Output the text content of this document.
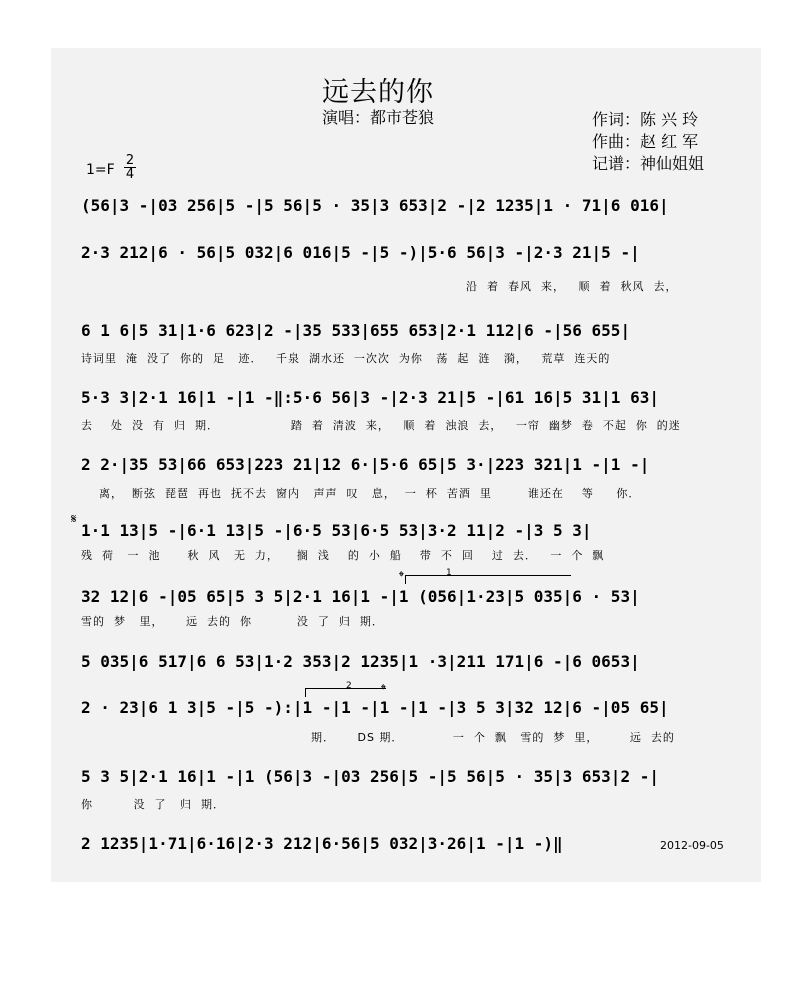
远去的你
演唱：都市苍狼	作词：陈 兴 玲
作曲：赵 红 军
记谱：神仙姐姐
1=F
2
4
(56|3 -|03 256|5 -|5 56|5 · 35|3 653|2 -|2 1235|1 · 71|6 016|
2·3 212|6 · 56|5 032|6 016|5 -|5 -)|5·6 56|3 -|2·3 21|5 -|
沿  着  春风  来，   顺  着  秋风  去，
6 1 6|5 31|1·6 623|2 -|35 533|655 653|2·1 112|6 -|56 655|
诗词里  淹  没了  你的  足   迹．   千泉  湖水还  一次次  为你   荡  起  涟   漪，   荒草  连天的
5·3 3|2·1 16|1 -|1 -‖:5·6 56|3 -|2·3 21|5 -|61 16|5 31|1 63|
去    处  没  有  归  期．                踏  着  清波  来，   顺  着  浊浪  去，   一帘  幽梦  卷  不起  你  的迷
2 2·|35 53|66 653|223 21|12 6·|5·6 65|5 3·|223 321|1 -|1 -|
离，  断弦  琵琶  再也  抚不去  窗内   声声  叹   息，  一  杯  苦酒  里        谁还在    等     你．
𝄋
1·1 13|5 -|6·1 13|5 -|6·5 53|6·5 53|3·2 11|2 -|3 5 3|
残  荷   一  池      秋  风   无  力，    搁  浅    的  小  船    带  不  回    过  去．   一  个  飘
𝄌	1
32 12|6 -|05 65|5 3 5|2·1 16|1 -|1 (056|1·23|5 035|6 · 53|
雪的  梦   里，     远  去的  你          没  了  归  期．
5 035|6 517|6 6 53|1·2 353|2 1235|1 ·3|211 171|6 -|6 0653|
2 𝄌
2 · 23|6 1 3|5 -|5 -):|1 -|1 -|1 -|1 -|3 5 3|32 12|6 -|05 65|
期．     DS 期．           一  个  飘   雪的  梦  里，       远  去的
5 3 5|2·1 16|1 -|1 (56|3 -|03 256|5 -|5 56|5 · 35|3 653|2 -|
你         没  了   归  期．
2 1235|1·71|6·16|2·3 212|6·56|5 032|3·26|1 -|1 -)‖	2012-09-05
